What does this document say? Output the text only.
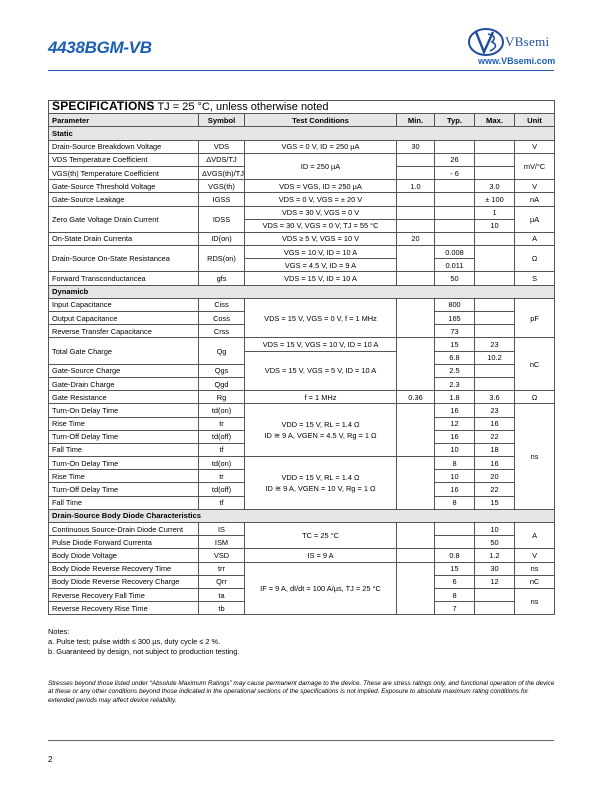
4438BGM-VB	VBsemi
www.VBsemi.com
SPECIFICATIONS TJ = 25 °C, unless otherwise noted						
Parameter	Symbol	Test Conditions	Min.	Typ.	Max.	Unit
Static						
Drain-Source Breakdown Voltage	VDS	VGS = 0 V, ID = 250 µA	30			V
VDS Temperature Coefficient	ΔVDS/TJ	ID = 250 µA		26		mV/°C
VGS(th) Temperature Coefficient	ΔVGS(th)/TJ			- 6		
Gate-Source Threshold Voltage	VGS(th)	VDS = VGS, ID = 250 µA	1.0		3.0	V
Gate-Source Leakage	IGSS	VDS = 0 V, VGS = ± 20 V			± 100	nA
Zero Gate Voltage Drain Current	IDSS	VDS = 30 V, VGS = 0 V			1	µA
		VDS = 30 V, VGS = 0 V, TJ = 55 °C			10	
On-State Drain Currenta	ID(on)	VDS ≥ 5 V, VGS = 10 V	20			A
Drain-Source On-State Resistancea	RDS(on)	VGS = 10 V, ID = 10 A		0.008		Ω
		VGS = 4.5 V, ID = 9 A		0.011		
Forward Transconductancea	gfs	VDS = 15 V, ID = 10 A		50		S
Dynamicb						
Input Capacitance	Ciss	VDS = 15 V, VGS = 0 V, f = 1 MHz		800		pF
Output Capacitance	Coss			165		
Reverse Transfer Capacitance	Crss			73		
Total Gate Charge	Qg	VDS = 15 V, VGS = 10 V, ID = 10 A		15	23	nC
		VDS = 15 V, VGS = 5 V, ID = 10 A		6.8	10.2	
Gate-Source Charge	Qgs			2.5		
Gate-Drain Charge	Qgd			2.3		
Gate Resistance	Rg	f = 1 MHz	0.36	1.8	3.6	Ω
Turn-On Delay Time	td(on)	VDD = 15 V, RL = 1.4 Ω
ID ≅ 9 A, VGEN = 4.5 V, Rg = 1 Ω		16	23	ns
Rise Time	tr			12	16	
Turn-Off Delay Time	td(off)			16	22	
Fall Time	tf			10	18	
Turn-On Delay Time	td(on)	VDD = 15 V, RL = 1.4 Ω
ID ≅ 9 A, VGEN = 10 V, Rg = 1 Ω		8	16	
Rise Time	tr			10	20	
Turn-Off Delay Time	td(off)			16	22	
Fall Time	tf			8	15	
Drain-Source Body Diode Characteristics						
Continuous Source-Drain Diode Current	IS	TC = 25 °C			10	A
Pulse Diode Forward Currenta	ISM				50	
Body Diode Voltage	VSD	IS = 9 A		0.8	1.2	V
Body Diode Reverse Recovery Time	trr	IF = 9 A, dI/dt = 100 A/µs, TJ = 25 °C		15	30	ns
Body Diode Reverse Recovery Charge	Qrr			6	12	nC
Reverse Recovery Fall Time	ta			8		ns
Reverse Recovery Rise Time	tb			7		
Notes:
a. Pulse test; pulse width ≤ 300 µs, duty cycle ≤ 2 %.
b. Guaranteed by design, not subject to production testing.
Stresses beyond those listed under “Absolute Maximum Ratings” may cause permanent damage to the device. These are stress ratings only, and functional operation of the device at these or any other conditions beyond those indicated in the operational sections of the specifications is not implied. Exposure to absolute maximum rating conditions for extended periods may affect device reliability.
2
